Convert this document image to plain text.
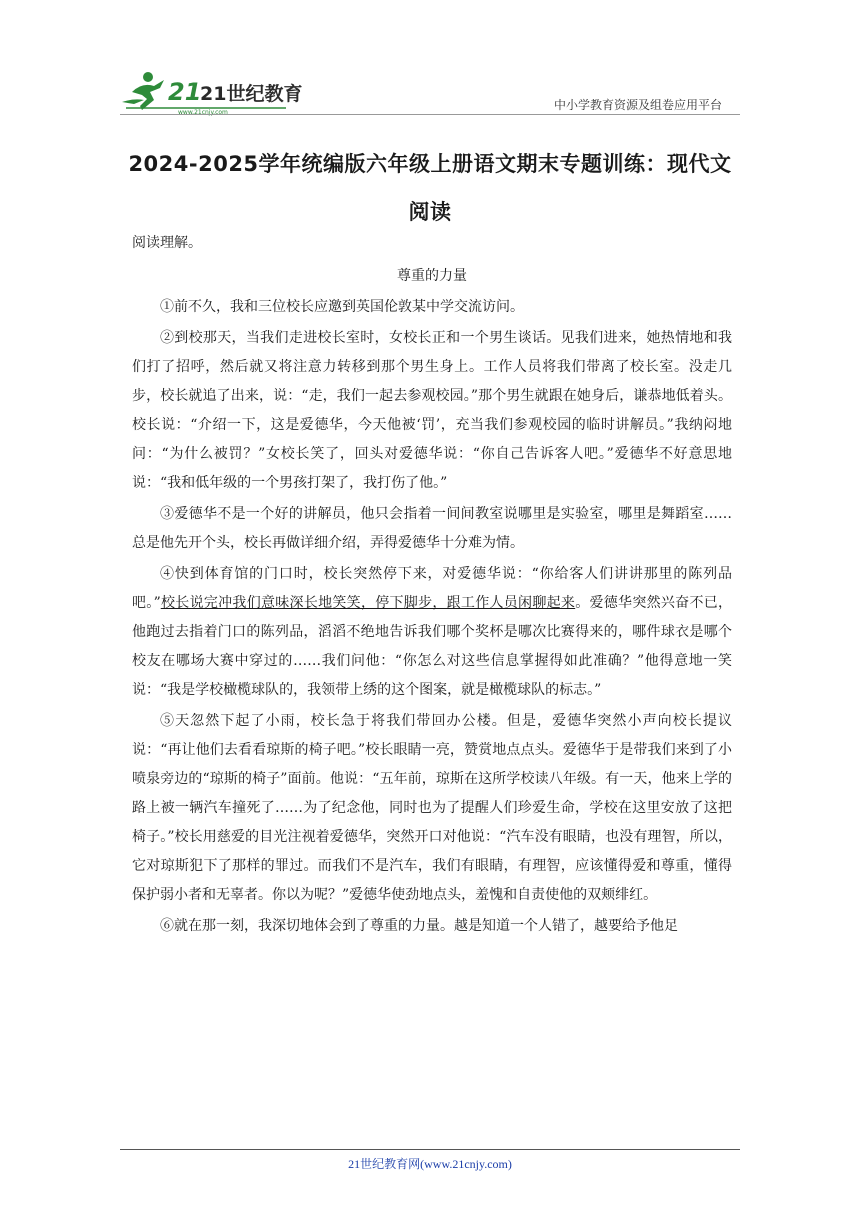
21
21世纪教育
www.21cnjy.com
中小学教育资源及组卷应用平台
2024-2025学年统编版六年级上册语文期末专题训练：现代文阅读
阅读理解。

尊重的力量

①前不久，我和三位校长应邀到英国伦敦某中学交流访问。

②到校那天，当我们走进校长室时，女校长正和一个男生谈话。见我们进来，她热情地和我们打了招呼，然后就又将注意力转移到那个男生身上。工作人员将我们带离了校长室。没走几步，校长就追了出来，说：“走，我们一起去参观校园。”那个男生就跟在她身后，谦恭地低着头。校长说：“介绍一下，这是爱德华，今天他被‘罚’，充当我们参观校园的临时讲解员。”我纳闷地问：“为什么被罚？”女校长笑了，回头对爱德华说：“你自己告诉客人吧。”爱德华不好意思地说：“我和低年级的一个男孩打架了，我打伤了他。”

③爱德华不是一个好的讲解员，他只会指着一间间教室说哪里是实验室，哪里是舞蹈室……总是他先开个头，校长再做详细介绍，弄得爱德华十分难为情。

④快到体育馆的门口时，校长突然停下来，对爱德华说：“你给客人们讲讲那里的陈列品吧。”校长说完冲我们意味深长地笑笑，停下脚步，跟工作人员闲聊起来。爱德华突然兴奋不已，他跑过去指着门口的陈列品，滔滔不绝地告诉我们哪个奖杯是哪次比赛得来的，哪件球衣是哪个校友在哪场大赛中穿过的……我们问他：“你怎么对这些信息掌握得如此准确？”他得意地一笑说：“我是学校橄榄球队的，我领带上绣的这个图案，就是橄榄球队的标志。”

⑤天忽然下起了小雨，校长急于将我们带回办公楼。但是，爱德华突然小声向校长提议说：“再让他们去看看琼斯的椅子吧。”校长眼睛一亮，赞赏地点点头。爱德华于是带我们来到了小喷泉旁边的“琼斯的椅子”面前。他说：“五年前，琼斯在这所学校读八年级。有一天，他来上学的路上被一辆汽车撞死了……为了纪念他，同时也为了提醒人们珍爱生命，学校在这里安放了这把椅子。”校长用慈爱的目光注视着爱德华，突然开口对他说：“汽车没有眼睛，也没有理智，所以，它对琼斯犯下了那样的罪过。而我们不是汽车，我们有眼睛，有理智，应该懂得爱和尊重，懂得保护弱小者和无辜者。你以为呢？”爱德华使劲地点头，羞愧和自责使他的双颊绯红。

⑥就在那一刻，我深切地体会到了尊重的力量。越是知道一个人错了，越要给予他足

21世纪教育网(www.21cnjy.com)
